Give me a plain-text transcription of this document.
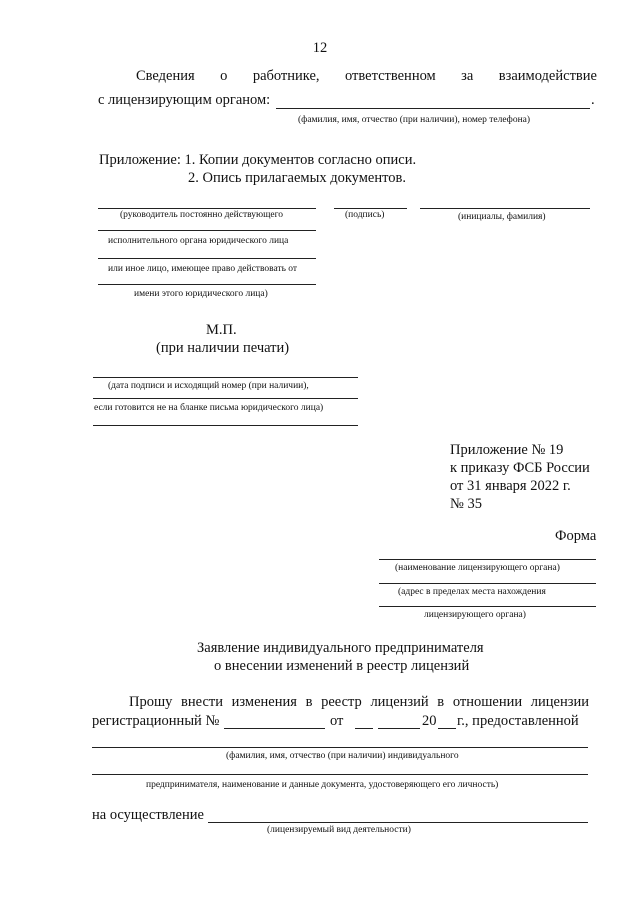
12
Сведения о работнике, ответственном за взаимодействие
с лицензирующим органом:	.
(фамилия, имя, отчество (при наличии), номер телефона)
Приложение: 1. Копии документов согласно описи.
2. Опись прилагаемых документов.
(руководитель постоянно действующего	(подпись)	(инициалы, фамилия)
исполнительного органа юридического лица
или иное лицо, имеющее право действовать от
имени этого юридического лица)
М.П.
(при наличии печати)
(дата подписи и исходящий номер (при наличии),
если готовится не на бланке письма юридического лица)
Приложение № 19
к приказу ФСБ России
от 31 января 2022 г.
№ 35
Форма
(наименование лицензирующего органа)
(адрес в пределах места нахождения
лицензирующего органа)
Заявление индивидуального предпринимателя
о внесении изменений в реестр лицензий
Прошу внести изменения в реестр лицензий в отношении лицензии
регистрационный №	от	20 г., предоставленной
(фамилия, имя, отчество (при наличии) индивидуального
предпринимателя, наименование и данные документа, удостоверяющего его личность)
на осуществление
(лицензируемый вид деятельности)
